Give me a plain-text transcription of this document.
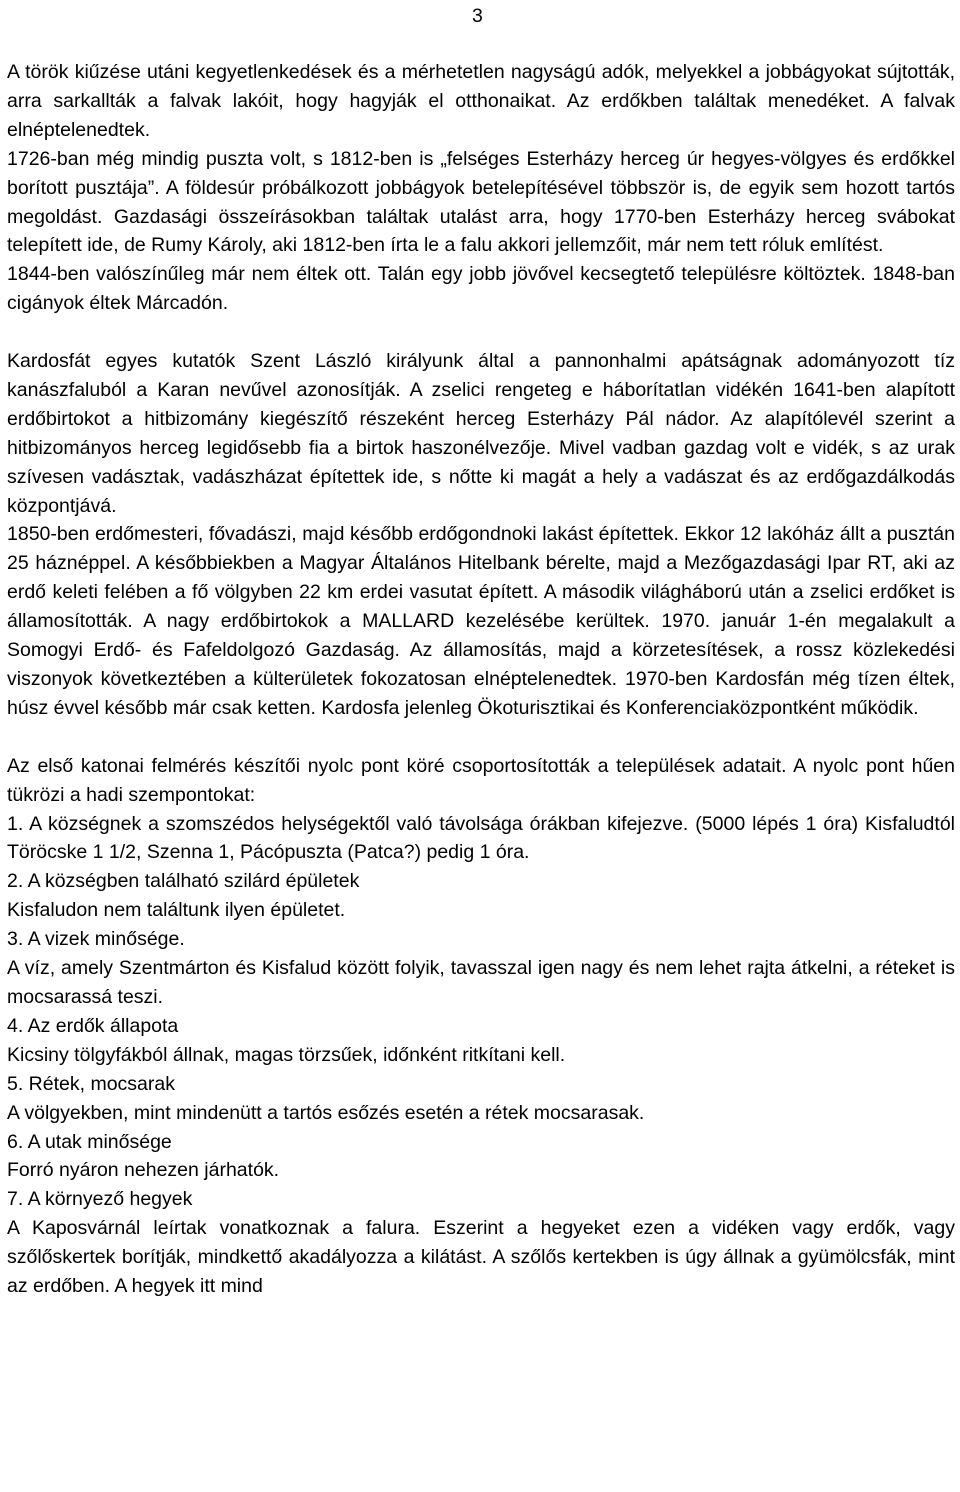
3

A török kiűzése utáni kegyetlenkedések és a mérhetetlen nagyságú adók, melyekkel a jobbágyokat sújtották, arra sarkallták a falvak lakóit, hogy hagyják el otthonaikat. Az erdőkben találtak menedéket. A falvak elnéptelenedtek.

1726-ban még mindig puszta volt, s 1812-ben is „felséges Esterházy herceg úr hegyes-völgyes és erdőkkel borított pusztája”. A földesúr próbálkozott jobbágyok betelepítésével többször is, de egyik sem hozott tartós megoldást. Gazdasági összeírásokban találtak utalást arra, hogy 1770-ben Esterházy herceg svábokat telepített ide, de Rumy Károly, aki 1812-ben írta le a falu akkori jellemzőit, már nem tett róluk említést.

1844-ben valószínűleg már nem éltek ott. Talán egy jobb jövővel kecsegtető településre költöztek. 1848-ban cigányok éltek Márcadón.

Kardosfát egyes kutatók Szent László királyunk által a pannonhalmi apátságnak adományozott tíz kanászfaluból a Karan nevűvel azonosítják. A zselici rengeteg e háborítatlan vidékén 1641-ben alapított erdőbirtokot a hitbizomány kiegészítő részeként herceg Esterházy Pál nádor. Az alapítólevél szerint a hitbizományos herceg legidősebb fia a birtok haszonélvezője. Mivel vadban gazdag volt e vidék, s az urak szívesen vadásztak, vadászházat építettek ide, s nőtte ki magát a hely a vadászat és az erdőgazdálkodás központjává.

1850-ben erdőmesteri, fővadászi, majd később erdőgondnoki lakást építettek. Ekkor 12 lakóház állt a pusztán 25 háznéppel. A későbbiekben a Magyar Általános Hitelbank bérelte, majd a Mezőgazdasági Ipar RT, aki az erdő keleti felében a fő völgyben 22 km erdei vasutat épített. A második világháború után a zselici erdőket is államosították. A nagy erdőbirtokok a MALLARD kezelésébe kerültek. 1970. január 1-én megalakult a Somogyi Erdő- és Fafeldolgozó Gazdaság. Az államosítás, majd a körzetesítések, a rossz közlekedési viszonyok következtében a külterületek fokozatosan elnéptelenedtek. 1970-ben Kardosfán még tízen éltek, húsz évvel később már csak ketten. Kardosfa jelenleg Ökoturisztikai és Konferenciaközpontként működik.

Az első katonai felmérés készítői nyolc pont köré csoportosították a települések adatait. A nyolc pont hűen tükrözi a hadi szempontokat:

1. A községnek a szomszédos helységektől való távolsága órákban kifejezve. (5000 lépés 1 óra) Kisfaludtól Töröcske 1 1/2, Szenna 1, Pácópuszta (Patca?) pedig 1 óra.

2. A községben található szilárd épületek

Kisfaludon nem találtunk ilyen épületet.

3. A vizek minősége.

A víz, amely Szentmárton és Kisfalud között folyik, tavasszal igen nagy és nem lehet rajta átkelni, a réteket is mocsarassá teszi.

4. Az erdők állapota

Kicsiny tölgyfákból állnak, magas törzsűek, időnként ritkítani kell.

5. Rétek, mocsarak

A völgyekben, mint mindenütt a tartós esőzés esetén a rétek mocsarasak.

6. A utak minősége

Forró nyáron nehezen járhatók.

7. A környező hegyek

A Kaposvárnál leírtak vonatkoznak a falura. Eszerint a hegyeket ezen a vidéken vagy erdők, vagy szőlőskertek borítják, mindkettő akadályozza a kilátást. A szőlős kertekben is úgy állnak a gyümölcsfák, mint az erdőben. A hegyek itt mind
